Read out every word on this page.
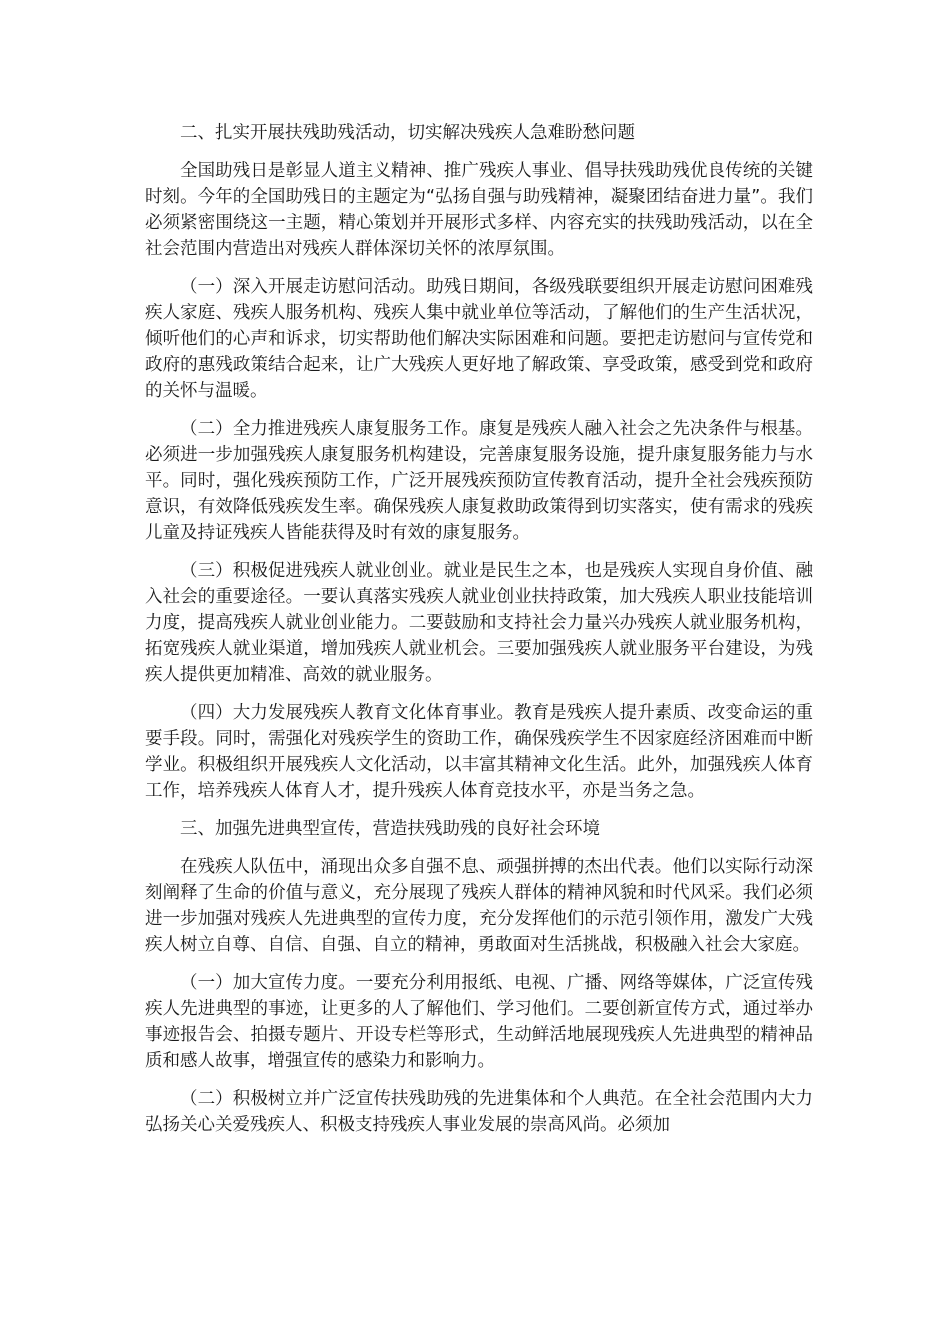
二、扎实开展扶残助残活动，切实解决残疾人急难盼愁问题

全国助残日是彰显人道主义精神、推广残疾人事业、倡导扶残助残优良传统的关键时刻。今年的全国助残日的主题定为“弘扬自强与助残精神，凝聚团结奋进力量”。我们必须紧密围绕这一主题，精心策划并开展形式多样、内容充实的扶残助残活动，以在全社会范围内营造出对残疾人群体深切关怀的浓厚氛围。

（一）深入开展走访慰问活动。助残日期间，各级残联要组织开展走访慰问困难残疾人家庭、残疾人服务机构、残疾人集中就业单位等活动，了解他们的生产生活状况，倾听他们的心声和诉求，切实帮助他们解决实际困难和问题。要把走访慰问与宣传党和政府的惠残政策结合起来，让广大残疾人更好地了解政策、享受政策，感受到党和政府的关怀与温暖。

（二）全力推进残疾人康复服务工作。康复是残疾人融入社会之先决条件与根基。必须进一步加强残疾人康复服务机构建设，完善康复服务设施，提升康复服务能力与水平。同时，强化残疾预防工作，广泛开展残疾预防宣传教育活动，提升全社会残疾预防意识，有效降低残疾发生率。确保残疾人康复救助政策得到切实落实，使有需求的残疾儿童及持证残疾人皆能获得及时有效的康复服务。

（三）积极促进残疾人就业创业。就业是民生之本，也是残疾人实现自身价值、融入社会的重要途径。一要认真落实残疾人就业创业扶持政策，加大残疾人职业技能培训力度，提高残疾人就业创业能力。二要鼓励和支持社会力量兴办残疾人就业服务机构，拓宽残疾人就业渠道，增加残疾人就业机会。三要加强残疾人就业服务平台建设，为残疾人提供更加精准、高效的就业服务。

（四）大力发展残疾人教育文化体育事业。教育是残疾人提升素质、改变命运的重要手段。同时，需强化对残疾学生的资助工作，确保残疾学生不因家庭经济困难而中断学业。积极组织开展残疾人文化活动，以丰富其精神文化生活。此外，加强残疾人体育工作，培养残疾人体育人才，提升残疾人体育竞技水平，亦是当务之急。

三、加强先进典型宣传，营造扶残助残的良好社会环境

在残疾人队伍中，涌现出众多自强不息、顽强拼搏的杰出代表。他们以实际行动深刻阐释了生命的价值与意义，充分展现了残疾人群体的精神风貌和时代风采。我们必须进一步加强对残疾人先进典型的宣传力度，充分发挥他们的示范引领作用，激发广大残疾人树立自尊、自信、自强、自立的精神，勇敢面对生活挑战，积极融入社会大家庭。

（一）加大宣传力度。一要充分利用报纸、电视、广播、网络等媒体，广泛宣传残疾人先进典型的事迹，让更多的人了解他们、学习他们。二要创新宣传方式，通过举办事迹报告会、拍摄专题片、开设专栏等形式，生动鲜活地展现残疾人先进典型的精神品质和感人故事，增强宣传的感染力和影响力。

（二）积极树立并广泛宣传扶残助残的先进集体和个人典范。在全社会范围内大力弘扬关心关爱残疾人、积极支持残疾人事业发展的崇高风尚。必须加
